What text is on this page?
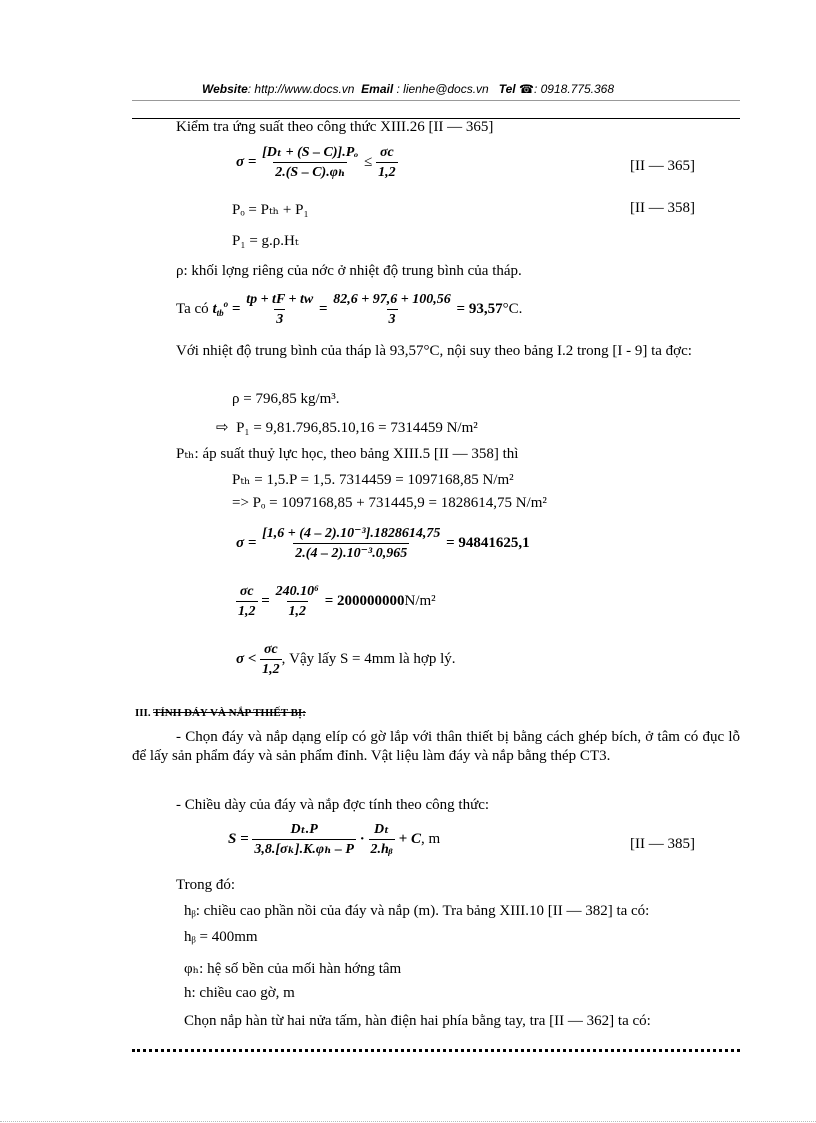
Website: http://www.docs.vn Email : lienhe@docs.vn Tel ☎: 0918.775.368
Kiểm tra ứng suất theo công thức XIII.26 [II — 365]
$\sigma = \frac{\text{[Dₜ + (S – C)].Pₒ}}{\text{2.(S – C).φₕ}} \le \frac{\sigma c}{1,2}$	[II — 365]
Pₒ = Pₜₕ + P₁	[II — 358]
P₁ = g.ρ.Hₜ
ρ: khối lợng riêng của nớc ở nhiệt độ trung bình của tháp.
Ta có $t_{tb}^o = \frac{tp + tF + tw}{3} = \frac{82,6 + 97,6 + 100,56}{3} = 93,57^\circ C$.
Với nhiệt độ trung bình của tháp là 93,57°C, nội suy theo bảng I.2 trong [I - 9] ta đợc:
ρ = 796,85 kg/m³.
⇨ P₁ = 9,81.796,85.10,16 = 7314459 N/m²
Pₜₕ: áp suất thuỷ lực học, theo bảng XIII.5 [II — 358] thì
Pₜₕ = 1,5.P = 1,5. 7314459 = 1097168,85 N/m²
=> Pₒ = 1097168,85 + 731445,9 = 1828614,75 N/m²
$\sigma = \frac{\text{[1,6 + (4 – 2).10⁻³].1828614,75}}{\text{2.(4 – 2).10⁻³.0,965}} = 94841625,1$
$\frac{\sigma c}{1,2} = \frac{\text{240.10⁶}}{1,2} = 200000000N/m^2$
$\sigma < \frac{\sigma c}{1,2}$ , Vậy lấy S = 4mm là hợp lý.
III. TÍNH ĐÁY VÀ NẮP THIẾT BỊ:
- Chọn đáy và nắp dạng elíp có gờ lắp với thân thiết bị bằng cách ghép bích, ở tâm có đục lỗ để lấy sản phẩm đáy và sản phẩm đỉnh. Vật liệu làm đáy và nắp bằng thép CT3.
- Chiều dày của đáy và nắp đợc tính theo công thức:
$S = \frac{\text{Dₜ.P}}{\text{3,8.[σₖ].K.φₕ – P}} \cdot \frac{\text{Dₜ}}{\text{2.hᵦ}} + C$, m	[II — 385]
Trong đó:
hᵦ: chiều cao phần nồi của đáy và nắp (m). Tra bảng XIII.10 [II — 382] ta có:
hᵦ = 400mm
φₕ: hệ số bền của mối hàn hớng tâm
h: chiều cao gờ, m
Chọn nắp hàn từ hai nửa tấm, hàn điện hai phía bằng tay, tra [II — 362] ta có:
